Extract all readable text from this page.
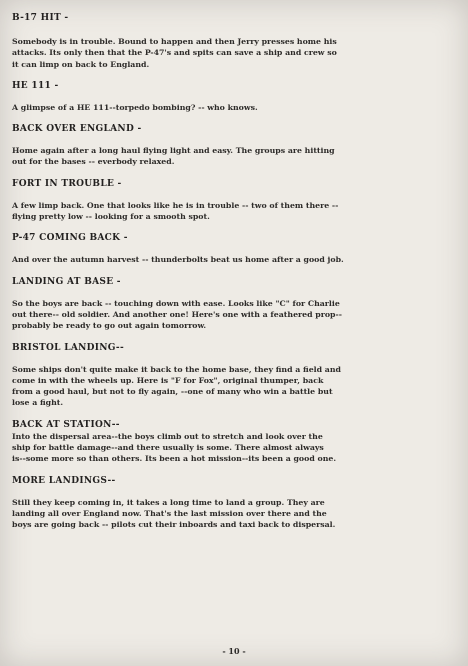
B-17 HIT -

Somebody is in trouble. Bound to happen and then Jerry presses home his

attacks. Its only then that the P-47's and spits can save a ship and crew so

it can limp on back to England.

HE 111 -

A glimpse of a HE 111--torpedo bombing? -- who knows.

BACK OVER ENGLAND -

Home again after a long haul flying light and easy. The groups are hitting

out for the bases -- everbody relaxed.

FORT IN TROUBLE -

A few limp back. One that looks like he is in trouble -- two of them there --

flying pretty low -- looking for a smooth spot.

P-47 COMING BACK -

And over the autumn harvest -- thunderbolts beat us home after a good job.

LANDING AT BASE -

So the boys are back -- touching down with ease. Looks like "C" for Charlie

out there-- old soldier. And another one! Here's one with a feathered prop--

probably be ready to go out again tomorrow.

BRISTOL LANDING--

Some ships don't quite make it back to the home base, they find a field and

come in with the wheels up. Here is "F for Fox", original thumper, back

from a good haul, but not to fly again, --one of many who win a battle but

lose a fight.

BACK AT STATION--

Into the dispersal area--the boys climb out to stretch and look over the

ship for battle damage--and there usually is some. There almost always

is--some more so than others. Its been a hot mission--its been a good one.

MORE LANDINGS--

Still they keep coming in, it takes a long time to land a group. They are

landing all over England now. That's the last mission over there and the

boys are going back -- pilots cut their inboards and taxi back to dispersal.

- 10 -
